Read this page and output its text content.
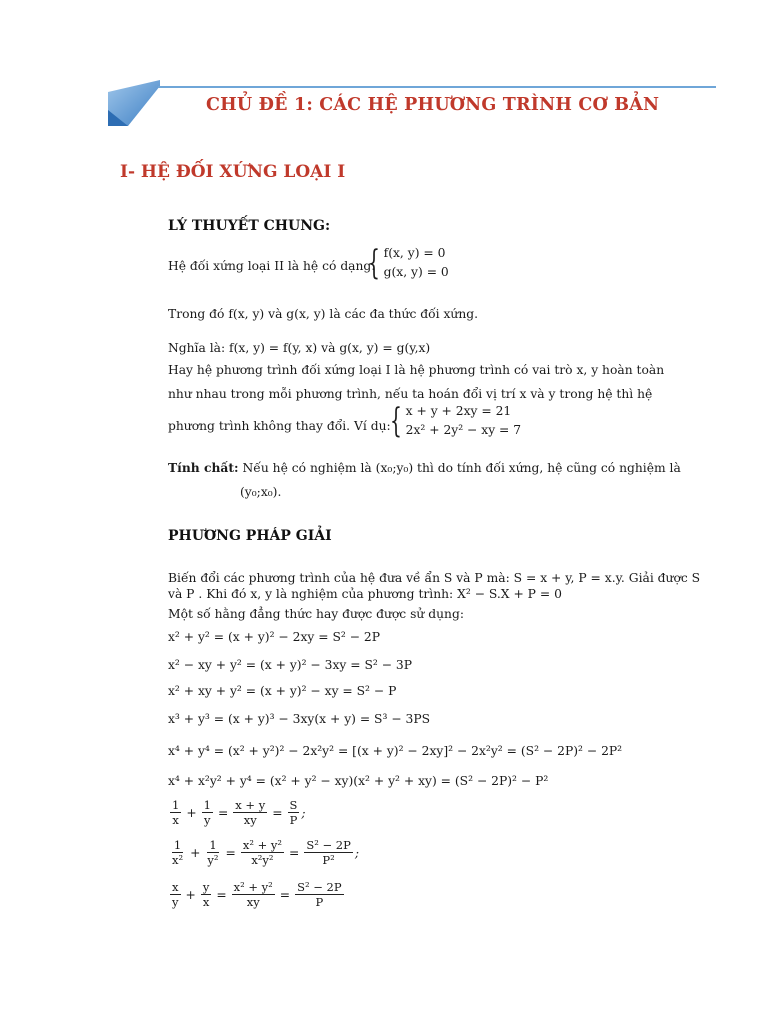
CHỦ ĐỀ 1: CÁC HỆ PHƯƠNG TRÌNH CƠ BẢN
I- HỆ ĐỐI XỨNG LOẠI I
LÝ THUYẾT CHUNG:
Hệ đối xứng loại II là hệ có dạng:
{ f(x, y) = 0
g(x, y) = 0
Trong đó f(x, y) và g(x, y) là các đa thức đối xứng.
Nghĩa là: f(x, y) = f(y, x) và g(x, y) = g(y,x)
Hay hệ phương trình đối xứng loại I là hệ phương trình có vai trò x, y hoàn toàn
như nhau trong mỗi phương trình, nếu ta hoán đổi vị trí x và y trong hệ thì hệ
phương trình không thay đổi. Ví dụ: { x + y + 2xy = 21
2x² + 2y² − xy = 7
Tính chất: Nếu hệ có nghiệm là (x₀;y₀) thì do tính đối xứng, hệ cũng có nghiệm là
(y₀;x₀).
PHƯƠNG PHÁP GIẢI
Biến đổi các phương trình của hệ đưa về ẩn S và P mà: S = x + y, P = x.y. Giải được S
và P . Khi đó x, y là nghiệm của phương trình: X² − S.X + P = 0
Một số hằng đẳng thức hay được được sử dụng:
x² + y² = (x + y)² − 2xy = S² − 2P
x² − xy + y² = (x + y)² − 3xy = S² − 3P
x² + xy + y² = (x + y)² − xy = S² − P
x³ + y³ = (x + y)³ − 3xy(x + y) = S³ − 3PS
x⁴ + y⁴ = (x² + y²)² − 2x²y² = [(x + y)² − 2xy]² − 2x²y² = (S² − 2P)² − 2P²
x⁴ + x²y² + y⁴ = (x² + y² − xy)(x² + y² + xy) = (S² − 2P)² − P²
$\frac{1}{x} + \frac{1}{y} = \frac{x + y}{xy} = \frac{S}{P}$ ;
$\frac{1}{\text{x²}} + \frac{1}{\text{y²}} = \frac{\text{x² + y²}}{\text{x²y²}} = \frac{\text{S² − 2P}}{\text{P²}}$ ;
$\frac{x}{y} + \frac{y}{x} = \frac{\text{x² + y²}}{xy} = \frac{\text{S² − 2P}}{P}$
